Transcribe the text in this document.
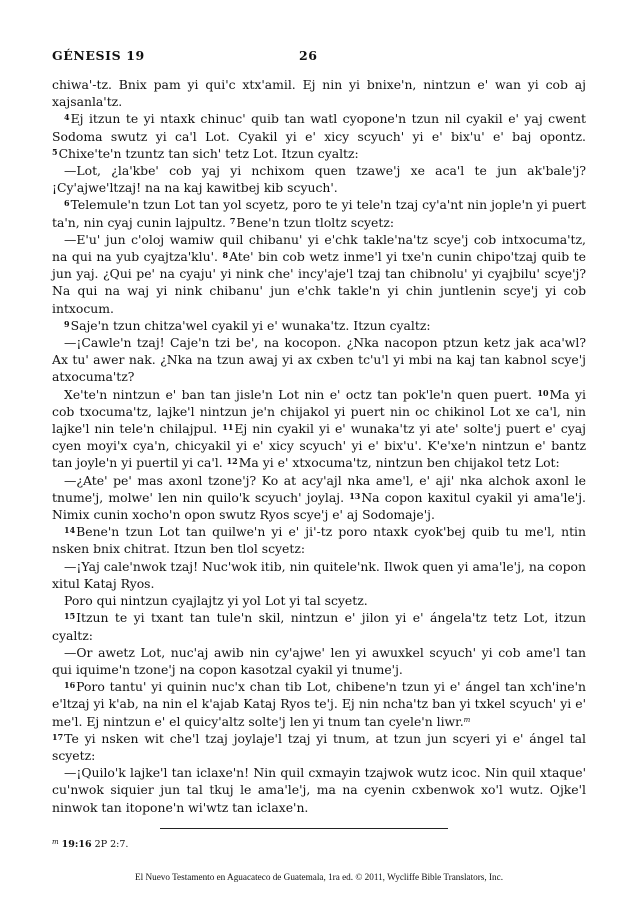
GÉNESIS 19	26

chiwaꞌ-tz. Bnix pam yi quiꞌc xtxꞌamil. Ej nin yi bnixeꞌn, nintzun eꞌ wan yi cob aj xajsanlaꞌtz.

$^4$Ej itzun te yi ntaxk chinucꞌ quib tan watl cyoponeꞌn tzun nil cyakil eꞌ yaj cwent Sodoma swutz yi caꞌl Lot. Cyakil yi eꞌ xicy scyuchꞌ yi eꞌ bixꞌuꞌ eꞌ baj opontz. $^5$Chixeꞌteꞌn tzuntz tan sichꞌ tetz Lot. Itzun cyaltz:

—Lot, ¿laꞌkbeꞌ cob yaj yi nchixom quen tzaweꞌj xe acaꞌl te jun akꞌbaleꞌj? ¡Cyꞌajweꞌltzaj! na na kaj kawitbej kib scyuchꞌ.

$^6$Telemuleꞌn tzun Lot tan yol scyetz, poro te yi teleꞌn tzaj cyꞌaꞌnt nin jopleꞌn yi puert taꞌn, nin cyaj cunin lajpultz. $^7$Beneꞌn tzun tloltz scyetz:

—Eꞌuꞌ jun cꞌoloj wamiw quil chibanuꞌ yi eꞌchk takleꞌnaꞌtz scyeꞌj cob intxocumaꞌtz, na qui na yub cyajtzaꞌkluꞌ. $^8$Ateꞌ bin cob wetz inmeꞌl yi txeꞌn cunin chipoꞌtzaj quib te jun yaj. ¿Qui peꞌ na cyajuꞌ yi nink cheꞌ incyꞌajeꞌl tzaj tan chibnoluꞌ yi cyajbiluꞌ scyeꞌj? Na qui na waj yi nink chibanuꞌ jun eꞌchk takleꞌn yi chin juntlenin scyeꞌj yi cob intxocum.

$^9$Sajeꞌn tzun chitzaꞌwel cyakil yi eꞌ wunakaꞌtz. Itzun cyaltz:

—¡Cawleꞌn tzaj! Cajeꞌn tzi beꞌ, na kocopon. ¿Nka nacopon ptzun ketz jak acaꞌwl? Ax tuꞌ awer nak. ¿Nka na tzun awaj yi ax cxben tcꞌuꞌl yi mbi na kaj tan kabnol scyeꞌj atxocumaꞌtz?

Xeꞌteꞌn nintzun eꞌ ban tan jisleꞌn Lot nin eꞌ octz tan pokꞌleꞌn quen puert. $^{10}$Ma yi cob txocumaꞌtz, lajkeꞌl nintzun jeꞌn chijakol yi puert nin oc chikinol Lot xe caꞌl, nin lajkeꞌl nin teleꞌn chilajpul. $^{11}$Ej nin cyakil yi eꞌ wunakaꞌtz yi ateꞌ solteꞌj puert eꞌ cyaj cyen moyiꞌx cyaꞌn, chicyakil yi eꞌ xicy scyuchꞌ yi eꞌ bixꞌuꞌ. Kꞌeꞌxeꞌn nintzun eꞌ bantz tan joyleꞌn yi puertil yi caꞌl. $^{12}$Ma yi eꞌ xtxocumaꞌtz, nintzun ben chijakol tetz Lot:

—¿Ateꞌ peꞌ mas axonl tzoneꞌj? Ko at acyꞌajl nka ameꞌl, eꞌ ajiꞌ nka alchok axonl le tnumeꞌj, molweꞌ len nin quiloꞌk scyuchꞌ joylaj. $^{13}$Na copon kaxitul cyakil yi amaꞌleꞌj. Nimix cunin xochoꞌn opon swutz Ryos scyeꞌj eꞌ aj Sodomajeꞌj.

$^{14}$Beneꞌn tzun Lot tan quilweꞌn yi eꞌ jiꞌ-tz poro ntaxk cyokꞌbej quib tu meꞌl, ntin nsken bnix chitrat. Itzun ben tlol scyetz:

—¡Yaj caleꞌnwok tzaj! Nucꞌwok itib, nin quiteleꞌnk. Ilwok quen yi amaꞌleꞌj, na copon xitul Kataj Ryos.

Poro qui nintzun cyajlajtz yi yol Lot yi tal scyetz.

$^{15}$Itzun te yi txant tan tuleꞌn skil, nintzun eꞌ jilon yi eꞌ ángelaꞌtz tetz Lot, itzun cyaltz:

—Or awetz Lot, nucꞌaj awib nin cyꞌajweꞌ len yi awuxkel scyuchꞌ yi cob ameꞌl tan qui iquimeꞌn tzoneꞌj na copon kasotzal cyakil yi tnumeꞌj.

$^{16}$Poro tantuꞌ yi quinin nucꞌx chan tib Lot, chibeneꞌn tzun yi eꞌ ángel tan xchꞌineꞌn eꞌltzaj yi kꞌab, na nin el kꞌajab Kataj Ryos teꞌj. Ej nin nchaꞌtz ban yi txkel scyuchꞌ yi eꞌ meꞌl. Ej nintzun eꞌ el quicyꞌaltz solteꞌj len yi tnum tan cyeleꞌn liwr.$^m$

$^{17}$Te yi nsken wit cheꞌl tzaj joylajeꞌl tzaj yi tnum, at tzun jun scyeri yi eꞌ ángel tal scyetz:

—¡Quiloꞌk lajkeꞌl tan iclaxeꞌn! Nin quil cxmayin tzajwok wutz icoc. Nin quil xtaqueꞌ cuꞌnwok siquier jun tal tkuj le amaꞌleꞌj, ma na cyenin cxbenwok xoꞌl wutz. Ojkeꞌl ninwok tan itoponeꞌn wiꞌwtz tan iclaxeꞌn.

$^m$ 19:16 2P 2:7.
El Nuevo Testamento en Aguacateco de Guatemala, 1ra ed. © 2011, Wycliffe Bible Translators, Inc.
